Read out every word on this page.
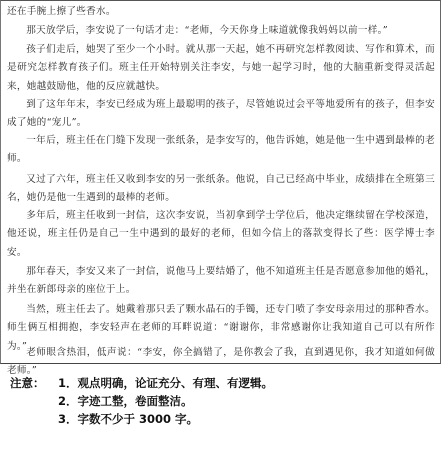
还在手腕上擦了些香水。

那天放学后，李安说了一句话才走：“老师，今天你身上味道就像我妈妈以前一样。”

孩子们走后，她哭了至少一个小时。就从那一天起，她不再研究怎样教阅读、写作和算术，而是研究怎样教育孩子们。班主任开始特别关注李安，与她一起学习时，他的大脑重新变得灵活起来，她越鼓励他，他的反应就越快。

到了这年年末，李安已经成为班上最聪明的孩子，尽管她说过会平等地爱所有的孩子，但李安成了她的“宠儿”。

一年后，班主任在门缝下发现一张纸条，是李安写的，他告诉她，她是他一生中遇到最棒的老师。

又过了六年，班主任又收到李安的另一张纸条。他说，自己已经高中毕业，成绩排在全班第三名，她仍是他一生遇到的最棒的老师。

多年后，班主任收到一封信，这次李安说，当初拿到学士学位后，他决定继续留在学校深造，他还说，班主任仍是自己一生中遇到的最好的老师，但如今信上的落款变得长了些：医学博士李安。

那年春天，李安又来了一封信，说他马上要结婚了，他不知道班主任是否愿意参加他的婚礼，并坐在新郎母亲的座位于上。

当然，班主任去了。她戴着那只丢了颗水晶石的手镯，还专门喷了李安母亲用过的那种香水。师生俩互相拥抱，李安轻声在老师的耳畔说道：“谢谢你，非常感谢你让我知道自己可以有所作为。”

老师眼含热泪，低声说：“李安，你全搞错了，是你教会了我，直到遇见你，我才知道如何做老师。”

注意：	1．观点明确，论证充分、有理、有逻辑。
2．字迹工整，卷面整洁。
3．字数不少于 3000 字。
